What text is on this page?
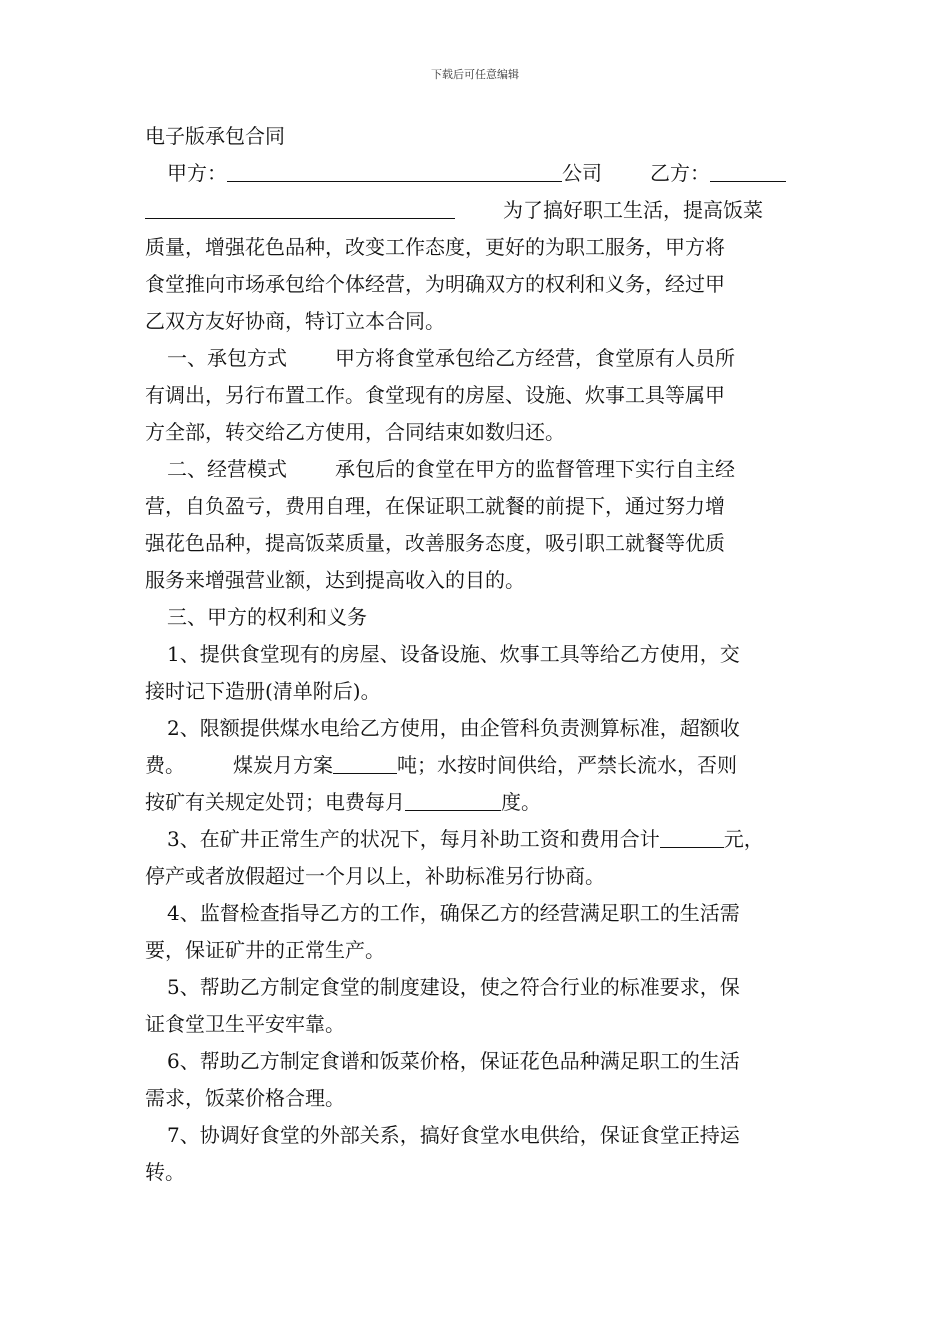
下载后可任意编辑
电子版承包合同
甲方：	公司 乙方：
为了搞好职工生活，提高饭菜
质量，增强花色品种，改变工作态度，更好的为职工服务，甲方将
食堂推向市场承包给个体经营，为明确双方的权利和义务，经过甲
乙双方友好协商，特订立本合同。
一、承包方式 甲方将食堂承包给乙方经营，食堂原有人员所
有调出，另行布置工作。食堂现有的房屋、设施、炊事工具等属甲
方全部，转交给乙方使用，合同结束如数归还。
二、经营模式 承包后的食堂在甲方的监督管理下实行自主经
营，自负盈亏，费用自理，在保证职工就餐的前提下，通过努力增
强花色品种，提高饭菜质量，改善服务态度，吸引职工就餐等优质
服务来增强营业额，达到提高收入的目的。
三、甲方的权利和义务
1、提供食堂现有的房屋、设备设施、炊事工具等给乙方使用，交
接时记下造册(清单附后)。
2、限额提供煤水电给乙方使用，由企管科负责测算标准，超额收
费。 煤炭月方案	吨；水按时间供给，严禁长流水，否则
按矿有关规定处罚；电费每月	度。
3、在矿井正常生产的状况下，每月补助工资和费用合计	元，
停产或者放假超过一个月以上，补助标准另行协商。
4、监督检查指导乙方的工作，确保乙方的经营满足职工的生活需
要，保证矿井的正常生产。
5、帮助乙方制定食堂的制度建设，使之符合行业的标准要求，保
证食堂卫生平安牢靠。
6、帮助乙方制定食谱和饭菜价格，保证花色品种满足职工的生活
需求，饭菜价格合理。
7、协调好食堂的外部关系，搞好食堂水电供给，保证食堂正持运
转。
